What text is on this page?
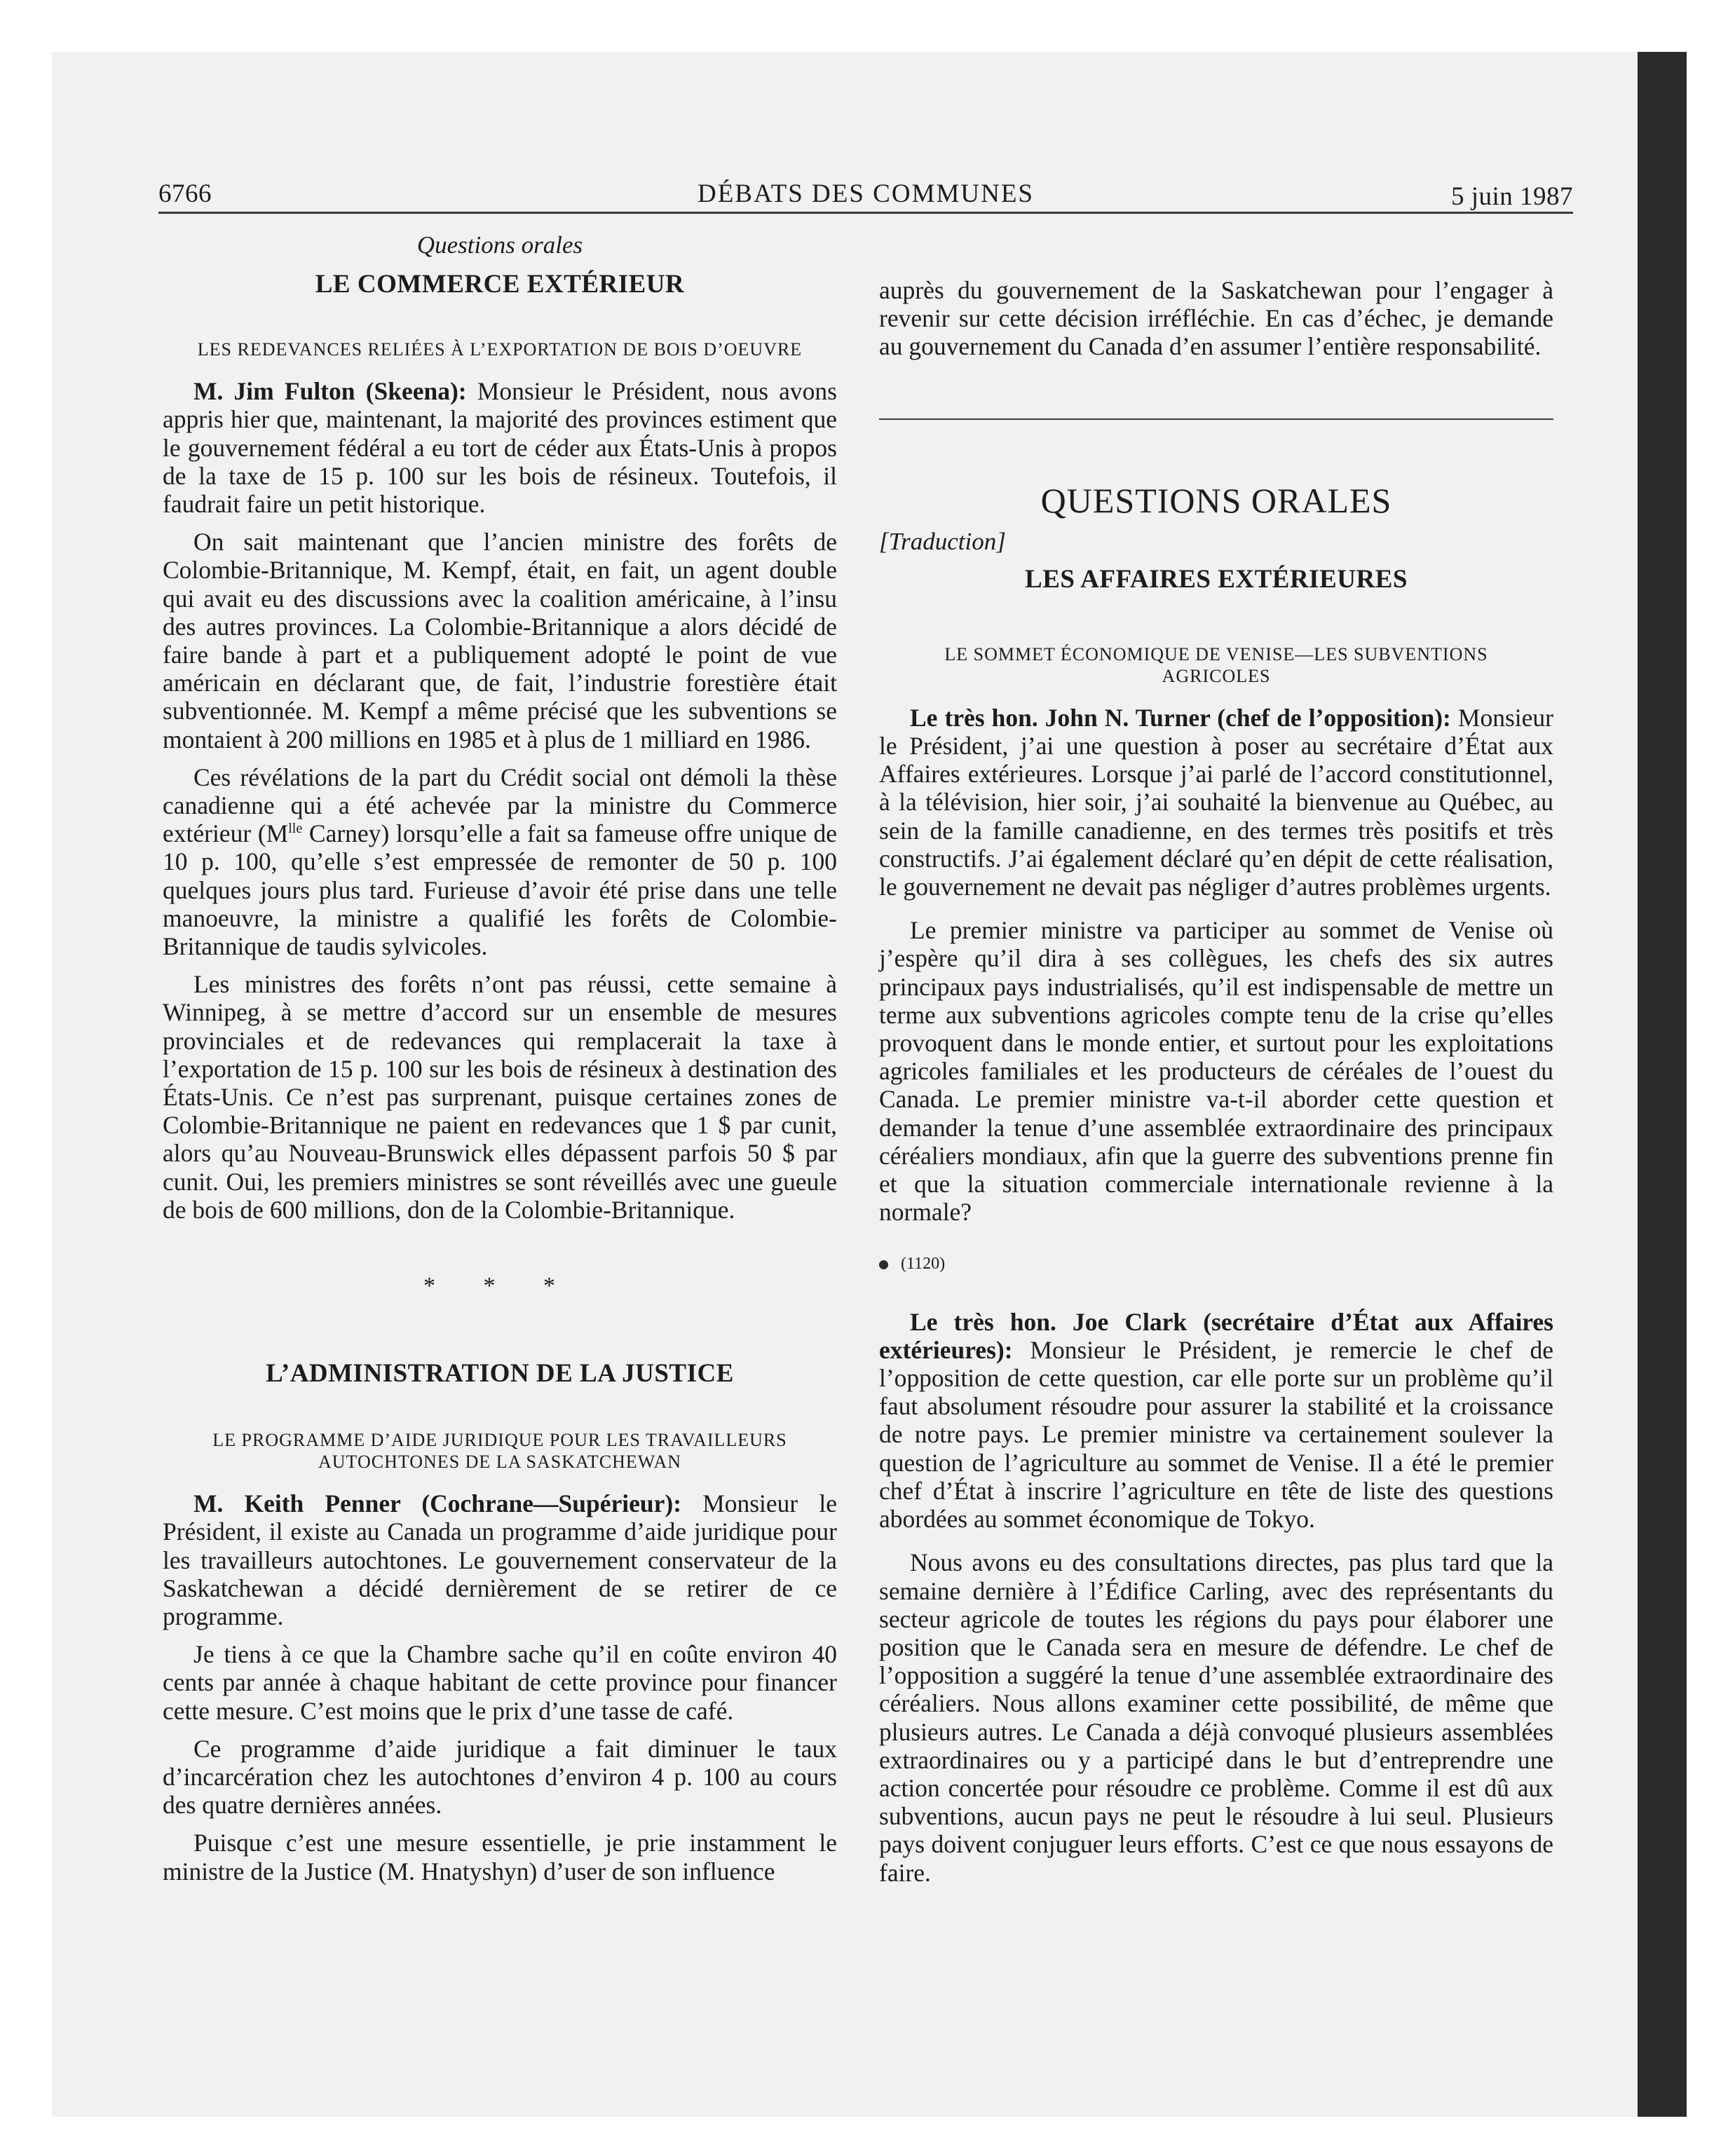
6766	DÉBATS DES COMMUNES	5 juin 1987

Questions orales

LE COMMERCE EXTÉRIEUR
LES REDEVANCES RELIÉES À L’EXPORTATION DE BOIS D’OEUVRE

M. Jim Fulton (Skeena): Monsieur le Président, nous avons appris hier que, maintenant, la majorité des provinces estiment que le gouvernement fédéral a eu tort de céder aux États-Unis à propos de la taxe de 15 p. 100 sur les bois de résineux. Toutefois, il faudrait faire un petit historique.

On sait maintenant que l’ancien ministre des forêts de Colombie-Britannique, M. Kempf, était, en fait, un agent double qui avait eu des discussions avec la coalition américaine, à l’insu des autres provinces. La Colombie-Britannique a alors décidé de faire bande à part et a publiquement adopté le point de vue américain en déclarant que, de fait, l’industrie forestière était subventionnée. M. Kempf a même précisé que les subventions se montaient à 200 millions en 1985 et à plus de 1 milliard en 1986.

Ces révélations de la part du Crédit social ont démoli la thèse canadienne qui a été achevée par la ministre du Commerce extérieur ($M^{lle}$ Carney) lorsqu’elle a fait sa fameuse offre unique de 10 p. 100, qu’elle s’est empressée de remonter de 50 p. 100 quelques jours plus tard. Furieuse d’avoir été prise dans une telle manoeuvre, la ministre a qualifié les forêts de Colombie-Britannique de taudis sylvicoles.

Les ministres des forêts n’ont pas réussi, cette semaine à Winnipeg, à se mettre d’accord sur un ensemble de mesures provinciales et de redevances qui remplacerait la taxe à l’exportation de 15 p. 100 sur les bois de résineux à destination des États-Unis. Ce n’est pas surprenant, puisque certaines zones de Colombie-Britannique ne paient en redevances que 1 $ par cunit, alors qu’au Nouveau-Brunswick elles dépassent parfois 50 $ par cunit. Oui, les premiers ministres se sont réveillés avec une gueule de bois de 600 millions, don de la Colombie-Britannique.

* * *
L’ADMINISTRATION DE LA JUSTICE
LE PROGRAMME D’AIDE JURIDIQUE POUR LES TRAVAILLEURS AUTOCHTONES DE LA SASKATCHEWAN

M. Keith Penner (Cochrane—Supérieur): Monsieur le Président, il existe au Canada un programme d’aide juridique pour les travailleurs autochtones. Le gouvernement conservateur de la Saskatchewan a décidé dernièrement de se retirer de ce programme.

Je tiens à ce que la Chambre sache qu’il en coûte environ 40 cents par année à chaque habitant de cette province pour financer cette mesure. C’est moins que le prix d’une tasse de café.

Ce programme d’aide juridique a fait diminuer le taux d’incarcération chez les autochtones d’environ 4 p. 100 au cours des quatre dernières années.

Puisque c’est une mesure essentielle, je prie instamment le ministre de la Justice (M. Hnatyshyn) d’user de son influence

auprès du gouvernement de la Saskatchewan pour l’engager à revenir sur cette décision irréfléchie. En cas d’échec, je demande au gouvernement du Canada d’en assumer l’entière responsabilité.

QUESTIONS ORALES

[Traduction]

LES AFFAIRES EXTÉRIEURES
LE SOMMET ÉCONOMIQUE DE VENISE—LES SUBVENTIONS AGRICOLES

Le très hon. John N. Turner (chef de l’opposition): Monsieur le Président, j’ai une question à poser au secrétaire d’État aux Affaires extérieures. Lorsque j’ai parlé de l’accord constitutionnel, à la télévision, hier soir, j’ai souhaité la bienvenue au Québec, au sein de la famille canadienne, en des termes très positifs et très constructifs. J’ai également déclaré qu’en dépit de cette réalisation, le gouvernement ne devait pas négliger d’autres problèmes urgents.

Le premier ministre va participer au sommet de Venise où j’espère qu’il dira à ses collègues, les chefs des six autres principaux pays industrialisés, qu’il est indispensable de mettre un terme aux subventions agricoles compte tenu de la crise qu’elles provoquent dans le monde entier, et surtout pour les exploitations agricoles familiales et les producteurs de céréales de l’ouest du Canada. Le premier ministre va-t-il aborder cette question et demander la tenue d’une assemblée extraordinaire des principaux céréaliers mondiaux, afin que la guerre des subventions prenne fin et que la situation commerciale internationale revienne à la normale?

(1120)

Le très hon. Joe Clark (secrétaire d’État aux Affaires extérieures): Monsieur le Président, je remercie le chef de l’opposition de cette question, car elle porte sur un problème qu’il faut absolument résoudre pour assurer la stabilité et la croissance de notre pays. Le premier ministre va certainement soulever la question de l’agriculture au sommet de Venise. Il a été le premier chef d’État à inscrire l’agriculture en tête de liste des questions abordées au sommet économique de Tokyo.

Nous avons eu des consultations directes, pas plus tard que la semaine dernière à l’Édifice Carling, avec des représentants du secteur agricole de toutes les régions du pays pour élaborer une position que le Canada sera en mesure de défendre. Le chef de l’opposition a suggéré la tenue d’une assemblée extraordinaire des céréaliers. Nous allons examiner cette possibilité, de même que plusieurs autres. Le Canada a déjà convoqué plusieurs assemblées extraordinaires ou y a participé dans le but d’entreprendre une action concertée pour résoudre ce problème. Comme il est dû aux subventions, aucun pays ne peut le résoudre à lui seul. Plusieurs pays doivent conjuguer leurs efforts. C’est ce que nous essayons de faire.
